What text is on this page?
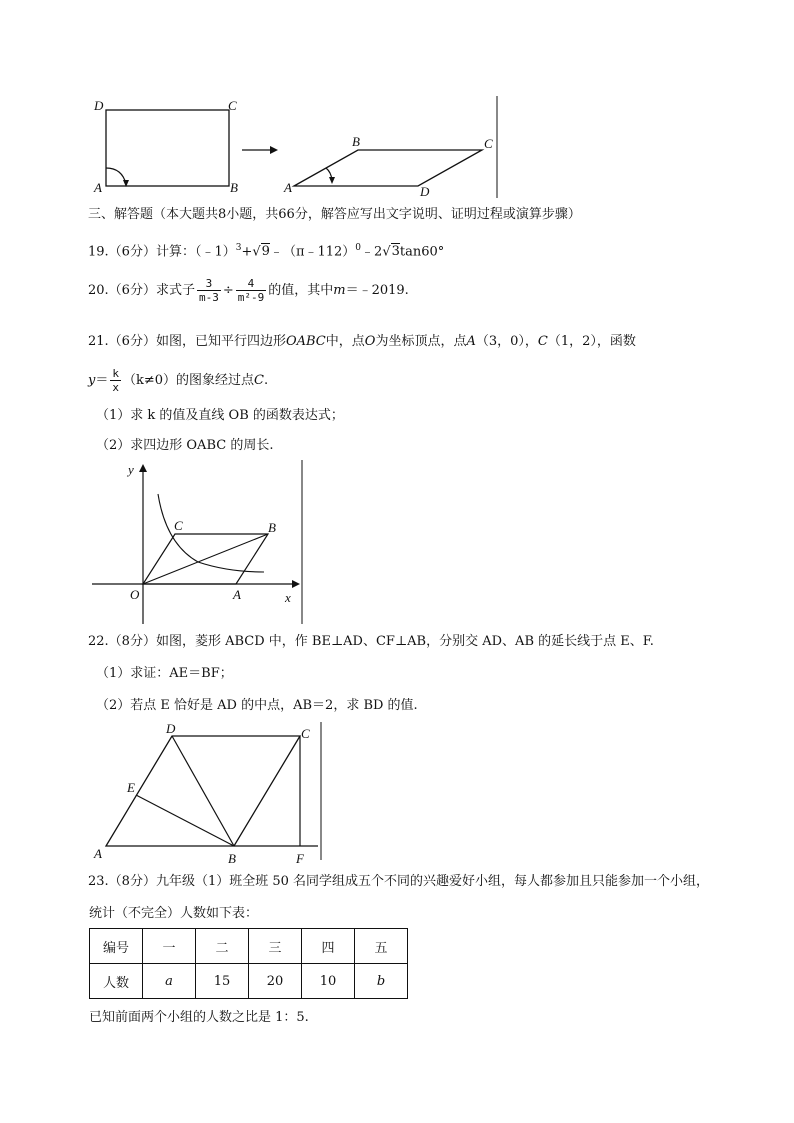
D	C
A	B
B	C
A	D
三、解答题（本大题共8小题，共66分，解答应写出文字说明、证明过程或演算步骤）
19.（6分）计算：（﹣1）$^3$+√9﹣（π﹣112）$^0$﹣2√3tan60°
20.（6分）求式子 $\frac{3}{m-3} \div \frac{4}{\text{m²-9}}$ 的值，其中m＝﹣2019.
21.（6分）如图，已知平行四边形OABC中，点O为坐标顶点，点A（3，0），C（1，2），函数
$y= \frac{k}{x} (k\ne 0)$的图象经过点C.
（1）求 k 的值及直线 OB 的函数表达式；
（2）求四边形 OABC 的周长.
y
x
O	A
B
C
22.（8分）如图，菱形 ABCD 中，作 BE⊥AD、CF⊥AB，分别交 AD、AB 的延长线于点 E、F.
（1）求证：AE＝BF；
（2）若点 E 恰好是 AD 的中点，AB＝2，求 BD 的值.
D	C
E
A	B	F
23.（8分）九年级（1）班全班 50 名同学组成五个不同的兴趣爱好小组，每人都参加且只能参加一个小组，
统计（不完全）人数如下表：
编号	一	二	三	四	五
人数	a	15	20	10	b
已知前面两个小组的人数之比是 1：5.
